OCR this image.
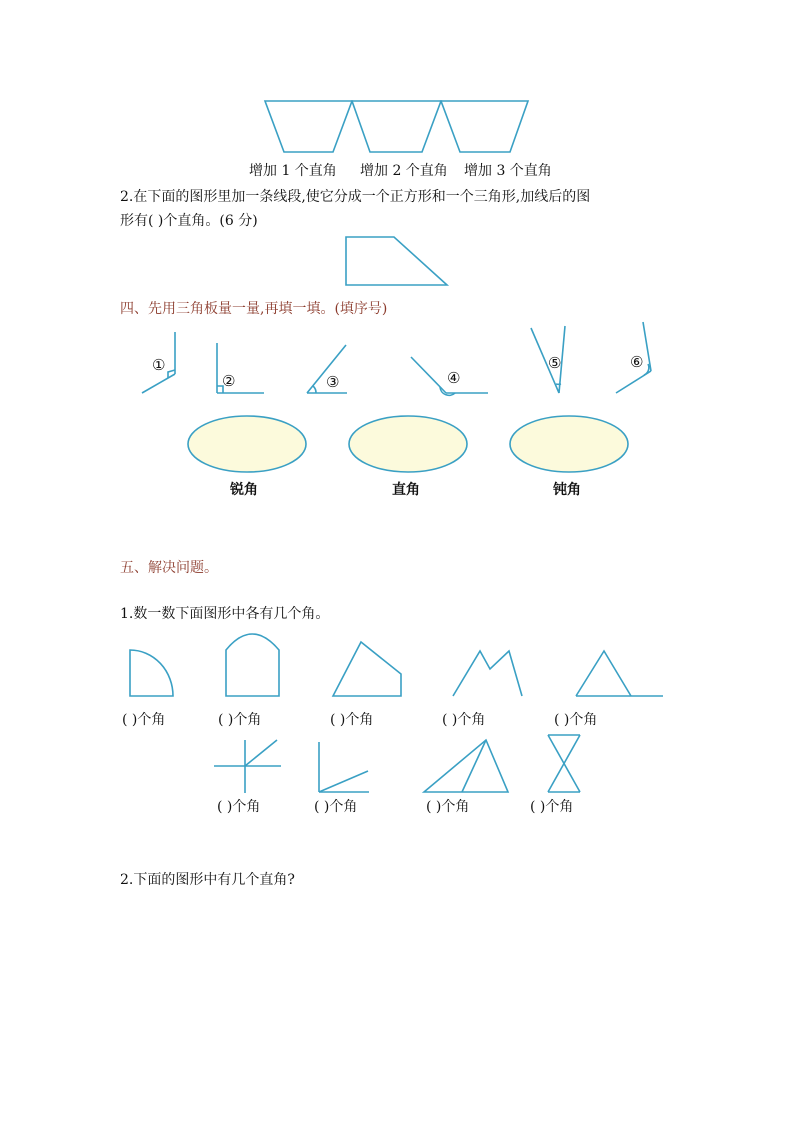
①
②	③	④
⑤	⑥
增加 1 个直角 增加 2 个直角 增加 3 个直角
2.在下面的图形里加一条线段,使它分成一个正方形和一个三角形,加线后的图
形有( )个直角。(6 分)
四、先用三角板量一量,再填一填。(填序号)
锐角	直角	钝角
五、解决问题。
1.数一数下面图形中各有几个角。
( )个角	( )个角	( )个角	( )个角	( )个角
( )个角	( )个角	( )个角	( )个角
2.下面的图形中有几个直角?
